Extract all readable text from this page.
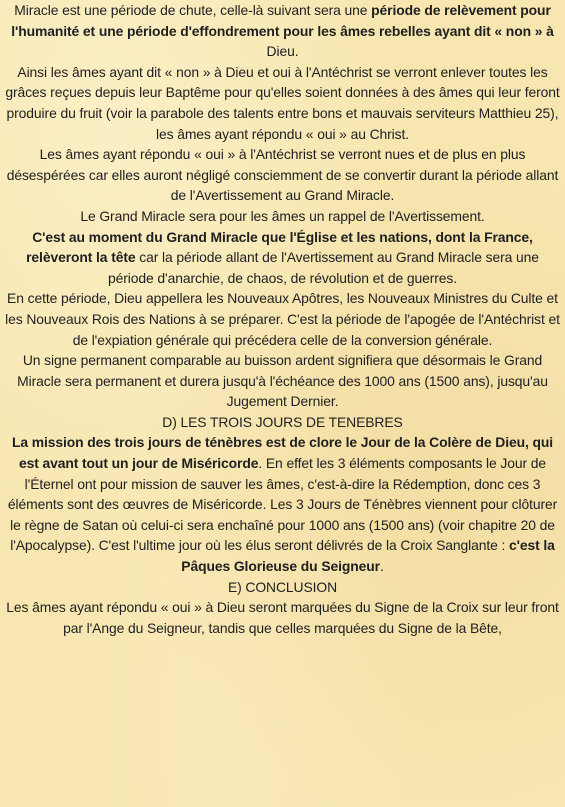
Miracle est une période de chute, celle-là suivant sera une période de relèvement pour l'humanité et une période d'effondrement pour les âmes rebelles ayant dit « non » à Dieu.

Ainsi les âmes ayant dit « non » à Dieu et oui à l'Antéchrist se verront enlever toutes les grâces reçues depuis leur Baptême pour qu'elles soient données à des âmes qui leur feront produire du fruit (voir la parabole des talents entre bons et mauvais serviteurs Matthieu 25), les âmes ayant répondu « oui » au Christ.

Les âmes ayant répondu « oui » à l'Antéchrist se verront nues et de plus en plus désespérées car elles auront négligé consciemment de se convertir durant la période allant de l'Avertissement au Grand Miracle.

Le Grand Miracle sera pour les âmes un rappel de l'Avertissement.

C'est au moment du Grand Miracle que l'Église et les nations, dont la France, relèveront la tête car la période allant de l'Avertissement au Grand Miracle sera une période d'anarchie, de chaos, de révolution et de guerres.

En cette période, Dieu appellera les Nouveaux Apôtres, les Nouveaux Ministres du Culte et les Nouveaux Rois des Nations à se préparer. C'est la période de l'apogée de l'Antéchrist et de l'expiation générale qui précédera celle de la conversion générale.

Un signe permanent comparable au buisson ardent signifiera que désormais le Grand Miracle sera permanent et durera jusqu'à l'échéance des 1000 ans (1500 ans), jusqu'au Jugement Dernier.

D) LES TROIS JOURS DE TENEBRES

La mission des trois jours de ténèbres est de clore le Jour de la Colère de Dieu, qui est avant tout un jour de Miséricorde. En effet les 3 éléments composants le Jour de l'Éternel ont pour mission de sauver les âmes, c'est-à-dire la Rédemption, donc ces 3 éléments sont des œuvres de Miséricorde. Les 3 Jours de Ténèbres viennent pour clôturer le règne de Satan où celui-ci sera enchaîné pour 1000 ans (1500 ans) (voir chapitre 20 de l'Apocalypse). C'est l'ultime jour où les élus seront délivrés de la Croix Sanglante : c'est la Pâques Glorieuse du Seigneur.

E) CONCLUSION

Les âmes ayant répondu « oui » à Dieu seront marquées du Signe de la Croix sur leur front par l'Ange du Seigneur, tandis que celles marquées du Signe de la Bête,
